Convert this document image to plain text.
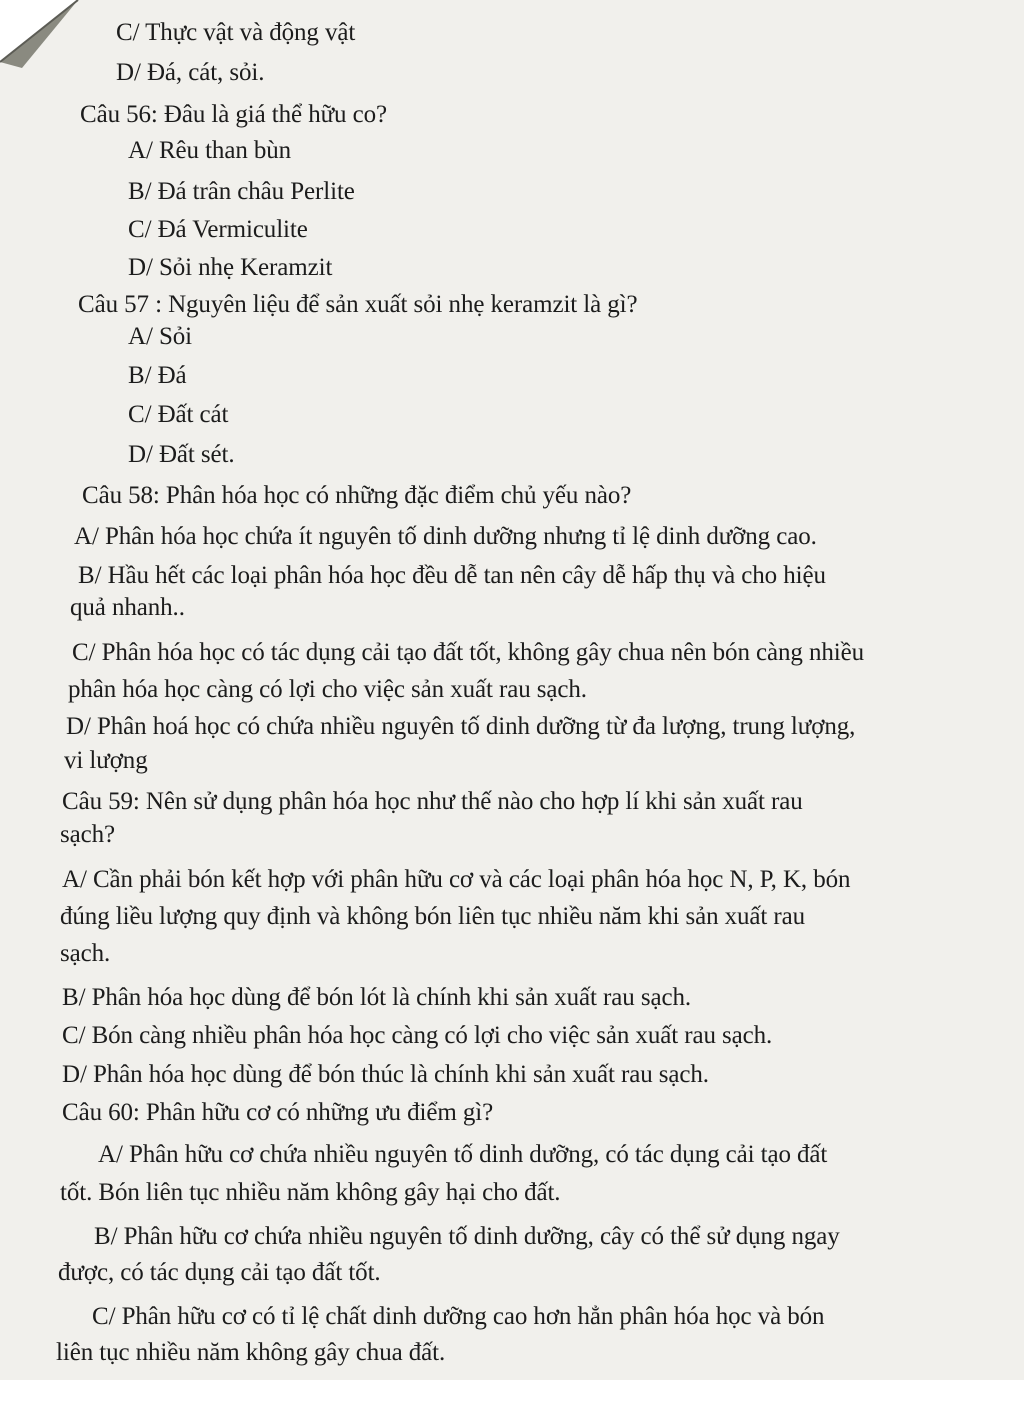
C/ Thực vật và động vật
D/ Đá, cát, sỏi.
Câu 56: Đâu là giá thể hữu co?
A/ Rêu than bùn
B/ Đá trân châu Perlite
C/ Đá Vermiculite
D/ Sỏi nhẹ Keramzit
Câu 57 : Nguyên liệu để sản xuất sỏi nhẹ keramzit là gì?
A/ Sỏi
B/ Đá
C/ Đất cát
D/ Đất sét.
Câu 58: Phân hóa học có những đặc điểm chủ yếu nào?
A/ Phân hóa học chứa ít nguyên tố dinh dưỡng nhưng tỉ lệ dinh dưỡng cao.
B/ Hầu hết các loại phân hóa học đều dễ tan nên cây dễ hấp thụ và cho hiệu
quả nhanh..
C/ Phân hóa học có tác dụng cải tạo đất tốt, không gây chua nên bón càng nhiều
phân hóa học càng có lợi cho việc sản xuất rau sạch.
D/ Phân hoá học có chứa nhiều nguyên tố dinh dưỡng từ đa lượng, trung lượng,
vi lượng
Câu 59: Nên sử dụng phân hóa học như thế nào cho hợp lí khi sản xuất rau
sạch?
A/ Cần phải bón kết hợp với phân hữu cơ và các loại phân hóa học N, P, K, bón
đúng liều lượng quy định và không bón liên tục nhiều năm khi sản xuất rau
sạch.
B/ Phân hóa học dùng để bón lót là chính khi sản xuất rau sạch.
C/ Bón càng nhiều phân hóa học càng có lợi cho việc sản xuất rau sạch.
D/ Phân hóa học dùng để bón thúc là chính khi sản xuất rau sạch.
Câu 60: Phân hữu cơ có những ưu điểm gì?
A/ Phân hữu cơ chứa nhiều nguyên tố dinh dưỡng, có tác dụng cải tạo đất
tốt. Bón liên tục nhiều năm không gây hại cho đất.
B/ Phân hữu cơ chứa nhiều nguyên tố dinh dưỡng, cây có thể sử dụng ngay
được, có tác dụng cải tạo đất tốt.
C/ Phân hữu cơ có tỉ lệ chất dinh dưỡng cao hơn hẳn phân hóa học và bón
liên tục nhiều năm không gây chua đất.
